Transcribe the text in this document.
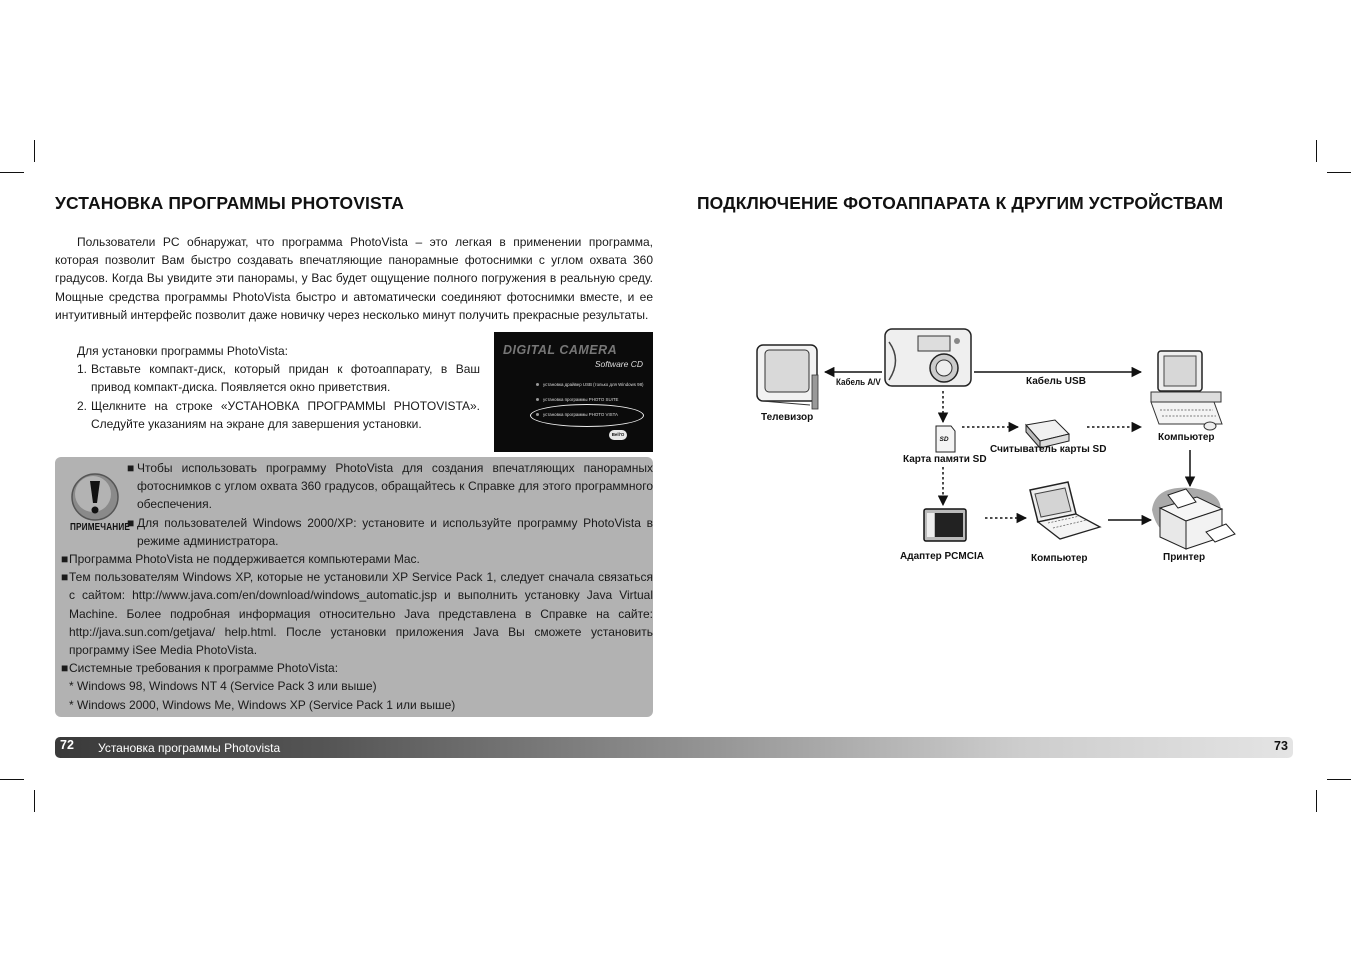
УСТАНОВКА ПРОГРАММЫ PHOTOVISTA

Пользователи PC обнаружат, что программа PhotoVista – это легкая в применении программа, которая позволит Вам быстро создавать впечатляющие панорамные фотоснимки с углом охвата 360 градусов. Когда Вы увидите эти панорамы, у Вас будет ощущение полного погружения в реальную среду. Мощные средства программы PhotoVista быстро и автоматически соединяют фотоснимки вместе, и ее интуитивный интерфейс позволит даже новичку через несколько минут получить прекрасные результаты.

Для установки программы PhotoVista:
1. Вставьте компакт-диск, который придан к фотоаппарату, в Ваш привод компакт-диска. Появляется окно приветствия.
2. Щелкните на строке «УСТАНОВКА ПРОГРАММЫ PHOTOVISTA». Следуйте указаниям на экране для завершения установки.
DIGITAL CAMERA
Software CD
установка драйвер USB (только для Windows 98)
установка программы PHOTO SUITE
установка программы PHOTO VISTA
Bell'O
ПРИМЕЧАНИЕ
■ Чтобы использовать программу PhotoVista для создания впечатляющих панорамных фотоснимков с углом охвата 360 градусов, обращайтесь к Справке для этого программного обеспечения.
■ Для пользователей Windows 2000/XP: установите и используйте программу PhotoVista в режиме администратора.
■ Программа PhotoVista не поддерживается компьютерами Mac.
■ Тем пользователям Windows XP, которые не установили XP Service Pack 1, следует сначала связаться с сайтом: http://www.java.com/en/download/windows_automatic.jsp и выполнить установку Java Virtual Machine. Более подробная информация относительно Java представлена в Справке на сайте: http://java.sun.com/getjava/ help.html. После установки приложения Java Вы сможете установить программу iSee Media PhotoVista.
■ Системные требования к программе PhotoVista:
* Windows 98, Windows NT 4 (Service Pack 3 или выше)
* Windows 2000, Windows Me, Windows XP (Service Pack 1 или выше)
ПОДКЛЮЧЕНИЕ ФОТОАППАРАТА К ДРУГИМ УСТРОЙСТВАМ
SD
Телевизор
Кабель A/V	Кабель USB
Компьютер
Карта памяти SD
Считыватель карты SD
Адаптер PCMCIA	Компьютер	Принтер
72 Установка программы Photovista	73
